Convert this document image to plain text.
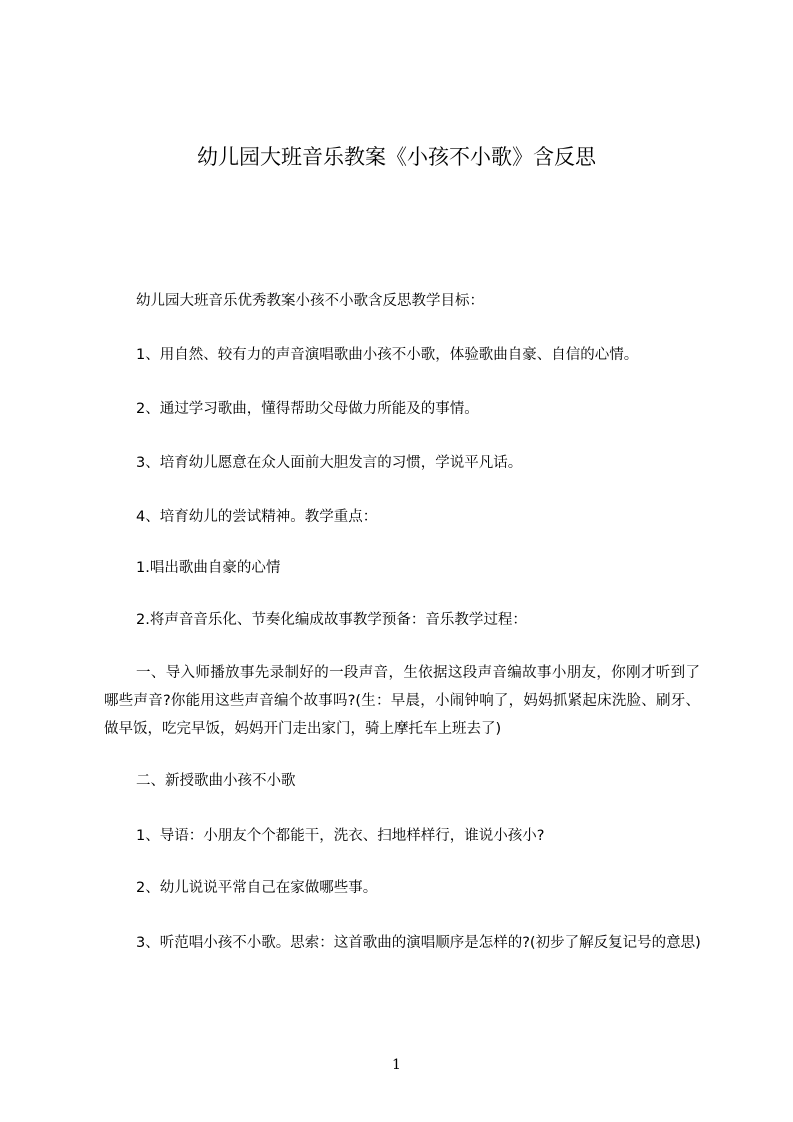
幼儿园大班音乐教案《小孩不小歌》含反思
幼儿园大班音乐优秀教案小孩不小歌含反思教学目标：
1、用自然、较有力的声音演唱歌曲小孩不小歌，体验歌曲自豪、自信的心情。
2、通过学习歌曲，懂得帮助父母做力所能及的事情。
3、培育幼儿愿意在众人面前大胆发言的习惯，学说平凡话。
4、培育幼儿的尝试精神。教学重点：
1.唱出歌曲自豪的心情
2.将声音音乐化、节奏化编成故事教学预备：音乐教学过程：
一、导入师播放事先录制好的一段声音，生依据这段声音编故事小朋友，你刚才听到了哪些声音?你能用这些声音编个故事吗?(生：早晨，小闹钟响了，妈妈抓紧起床洗脸、刷牙、做早饭，吃完早饭，妈妈开门走出家门，骑上摩托车上班去了)
二、新授歌曲小孩不小歌
1、导语：小朋友个个都能干，洗衣、扫地样样行，谁说小孩小?
2、幼儿说说平常自己在家做哪些事。
3、听范唱小孩不小歌。思索：这首歌曲的演唱顺序是怎样的?(初步了解反复记号的意思)
1
